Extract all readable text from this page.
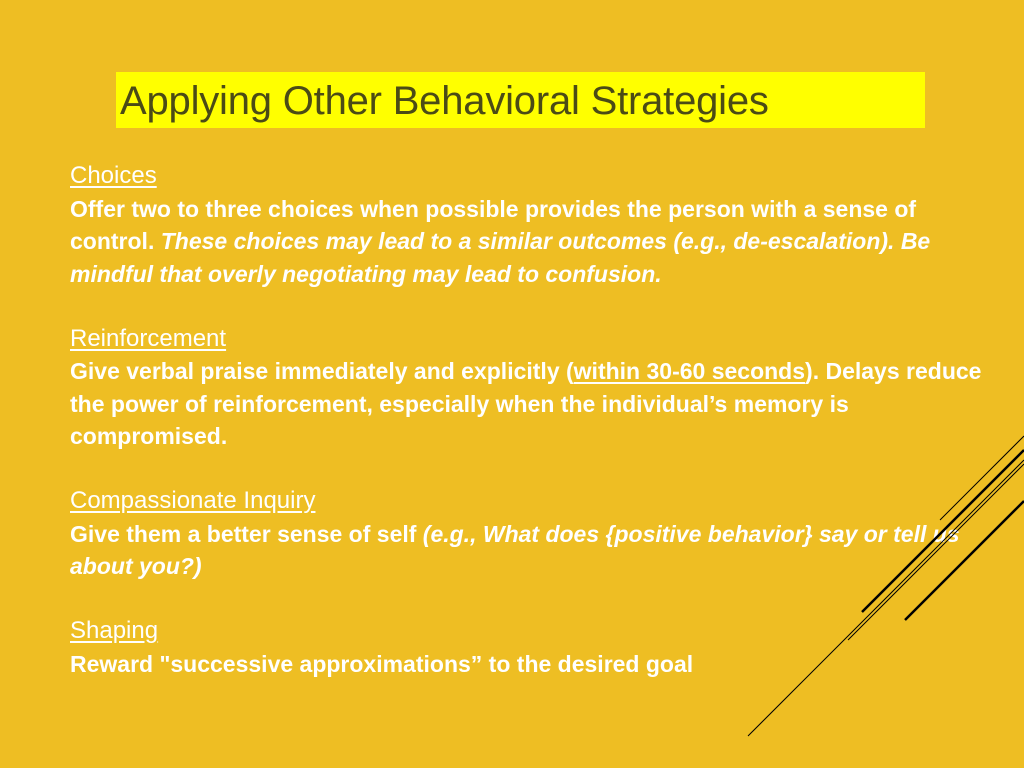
Applying Other Behavioral Strategies
Choices
Offer two to three choices when possible provides the person with a sense of control. These choices may lead to a similar outcomes (e.g., de-escalation). Be mindful that overly negotiating may lead to confusion.
Reinforcement
Give verbal praise immediately and explicitly (within 30-60 seconds). Delays reduce the power of reinforcement, especially when the individual’s memory is compromised.
Compassionate Inquiry
Give them a better sense of self (e.g., What does {positive behavior} say or tell us about you?)
Shaping
Reward "successive approximations” to the desired goal
